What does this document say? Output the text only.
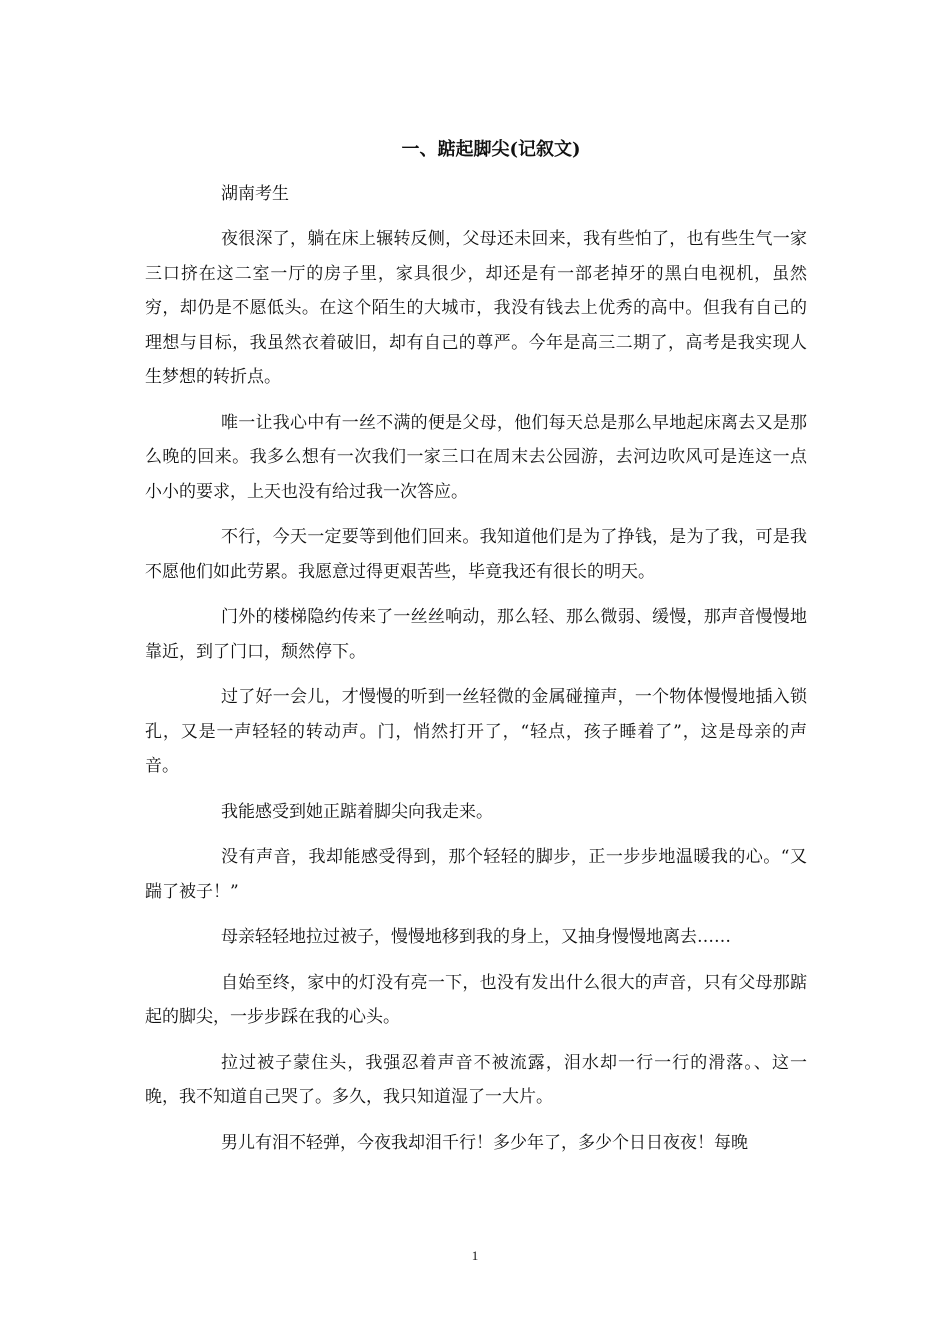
一、踮起脚尖(记叙文)
湖南考生

夜很深了，躺在床上辗转反侧，父母还未回来，我有些怕了，也有些生气一家三口挤在这二室一厅的房子里，家具很少，却还是有一部老掉牙的黑白电视机，虽然穷，却仍是不愿低头。在这个陌生的大城市，我没有钱去上优秀的高中。但我有自己的理想与目标，我虽然衣着破旧，却有自己的尊严。今年是高三二期了，高考是我实现人生梦想的转折点。

唯一让我心中有一丝不满的便是父母，他们每天总是那么早地起床离去又是那么晚的回来。我多么想有一次我们一家三口在周末去公园游，去河边吹风可是连这一点小小的要求，上天也没有给过我一次答应。

不行，今天一定要等到他们回来。我知道他们是为了挣钱，是为了我，可是我不愿他们如此劳累。我愿意过得更艰苦些，毕竟我还有很长的明天。

门外的楼梯隐约传来了一丝丝响动，那么轻、那么微弱、缓慢，那声音慢慢地靠近，到了门口，颓然停下。

过了好一会儿，才慢慢的听到一丝轻微的金属碰撞声，一个物体慢慢地插入锁孔，又是一声轻轻的转动声。门，悄然打开了，“轻点，孩子睡着了”，这是母亲的声音。

我能感受到她正踮着脚尖向我走来。

没有声音，我却能感受得到，那个轻轻的脚步，正一步步地温暖我的心。“又踹了被子！”

母亲轻轻地拉过被子，慢慢地移到我的身上，又抽身慢慢地离去……

自始至终，家中的灯没有亮一下，也没有发出什么很大的声音，只有父母那踮起的脚尖，一步步踩在我的心头。

拉过被子蒙住头，我强忍着声音不被流露，泪水却一行一行的滑落。、这一晚，我不知道自己哭了。多久，我只知道湿了一大片。

男儿有泪不轻弹，今夜我却泪千行！多少年了，多少个日日夜夜！每晚

1
